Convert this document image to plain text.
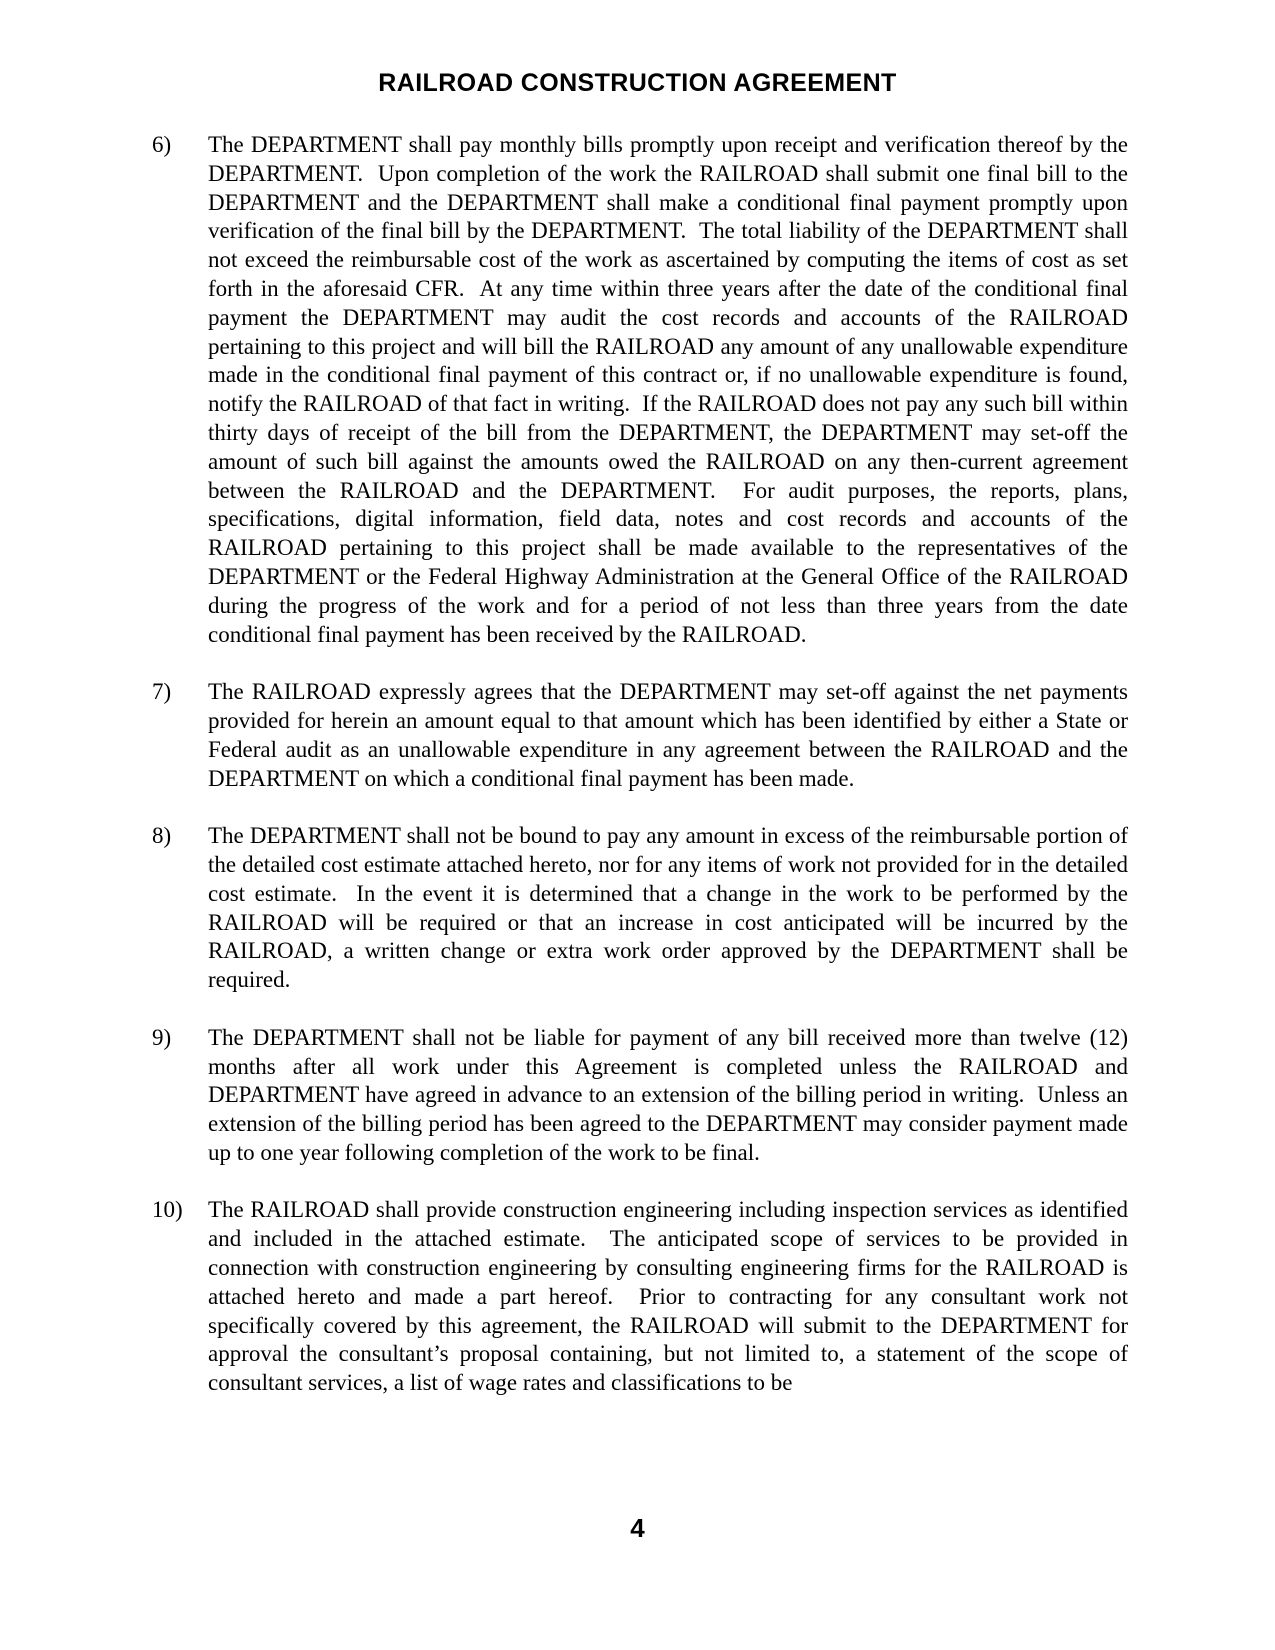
RAILROAD CONSTRUCTION AGREEMENT
6)	The DEPARTMENT shall pay monthly bills promptly upon receipt and verification thereof by the DEPARTMENT.  Upon completion of the work the RAILROAD shall submit one final bill to the DEPARTMENT and the DEPARTMENT shall make a conditional final payment promptly upon verification of the final bill by the DEPARTMENT.  The total liability of the DEPARTMENT shall not exceed the reimbursable cost of the work as ascertained by computing the items of cost as set forth in the aforesaid CFR.  At any time within three years after the date of the conditional final payment the DEPARTMENT may audit the cost records and accounts of the RAILROAD pertaining to this project and will bill the RAILROAD any amount of any unallowable expenditure made in the conditional final payment of this contract or, if no unallowable expenditure is found, notify the RAILROAD of that fact in writing.  If the RAILROAD does not pay any such bill within thirty days of receipt of the bill from the DEPARTMENT, the DEPARTMENT may set-off the amount of such bill against the amounts owed the RAILROAD on any then-current agreement between the RAILROAD and the DEPARTMENT.  For audit purposes, the reports, plans, specifications, digital information, field data, notes and cost records and accounts of the RAILROAD pertaining to this project shall be made available to the representatives of the DEPARTMENT or the Federal Highway Administration at the General Office of the RAILROAD during the progress of the work and for a period of not less than three years from the date conditional final payment has been received by the RAILROAD.

7)	The RAILROAD expressly agrees that the DEPARTMENT may set-off against the net payments provided for herein an amount equal to that amount which has been identified by either a State or Federal audit as an unallowable expenditure in any agreement between the RAILROAD and the DEPARTMENT on which a conditional final payment has been made.

8)	The DEPARTMENT shall not be bound to pay any amount in excess of the reimbursable portion of the detailed cost estimate attached hereto, nor for any items of work not provided for in the detailed cost estimate.  In the event it is determined that a change in the work to be performed by the RAILROAD will be required or that an increase in cost anticipated will be incurred by the RAILROAD, a written change or extra work order approved by the DEPARTMENT shall be required.

9)	The DEPARTMENT shall not be liable for payment of any bill received more than twelve (12) months after all work under this Agreement is completed unless the RAILROAD and DEPARTMENT have agreed in advance to an extension of the billing period in writing.  Unless an extension of the billing period has been agreed to the DEPARTMENT may consider payment made up to one year following completion of the work to be final.

10)	The RAILROAD shall provide construction engineering including inspection services as identified and included in the attached estimate.  The anticipated scope of services to be provided in connection with construction engineering by consulting engineering firms for the RAILROAD is attached hereto and made a part hereof.  Prior to contracting for any consultant work not specifically covered by this agreement, the RAILROAD will submit to the DEPARTMENT for approval the consultant’s proposal containing, but not limited to, a statement of the scope of consultant services, a list of wage rates and classifications to be

4
